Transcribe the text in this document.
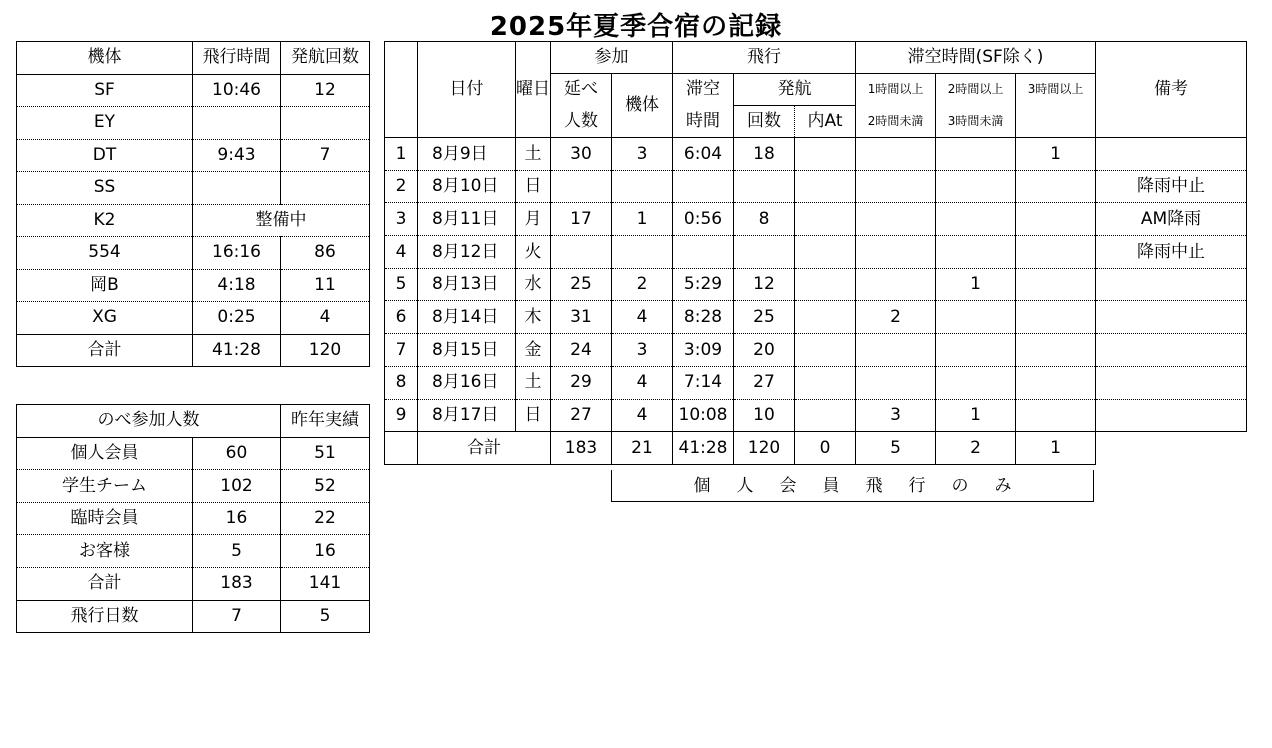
2025年夏季合宿の記録
機体	飛行時間	発航回数
SF	10:46	12
EY		
DT	9:43	7
SS		
K2	整備中	
554	16:16	86
岡B	4:18	11
XG	0:25	4
合計	41:28	120
のべ参加人数		昨年実績
個人会員	60	51
学生チーム	102	52
臨時会員	16	22
お客様	5	16
合計	183	141
飛行日数	7	5
	日付	曜日	参加		飛行			滞空時間(SF除く)			備考
			延べ	機体	滞空	発航		1時間以上	2時間以上	3時間以上	
			人数		時間	回数	内At	2時間未満	3時間未満		
1	8月9日	土	30	3	6:04	18				1	
2	8月10日	日									降雨中止
3	8月11日	月	17	1	0:56	8					AM降雨
4	8月12日	火									降雨中止
5	8月13日	水	25	2	5:29	12			1		
6	8月14日	木	31	4	8:28	25		2			
7	8月15日	金	24	3	3:09	20					
8	8月16日	土	29	4	7:14	27					
9	8月17日	日	27	4	10:08	10		3	1		
	合計		183	21	41:28	120	0	5	2	1	
個人会員飛行のみ
